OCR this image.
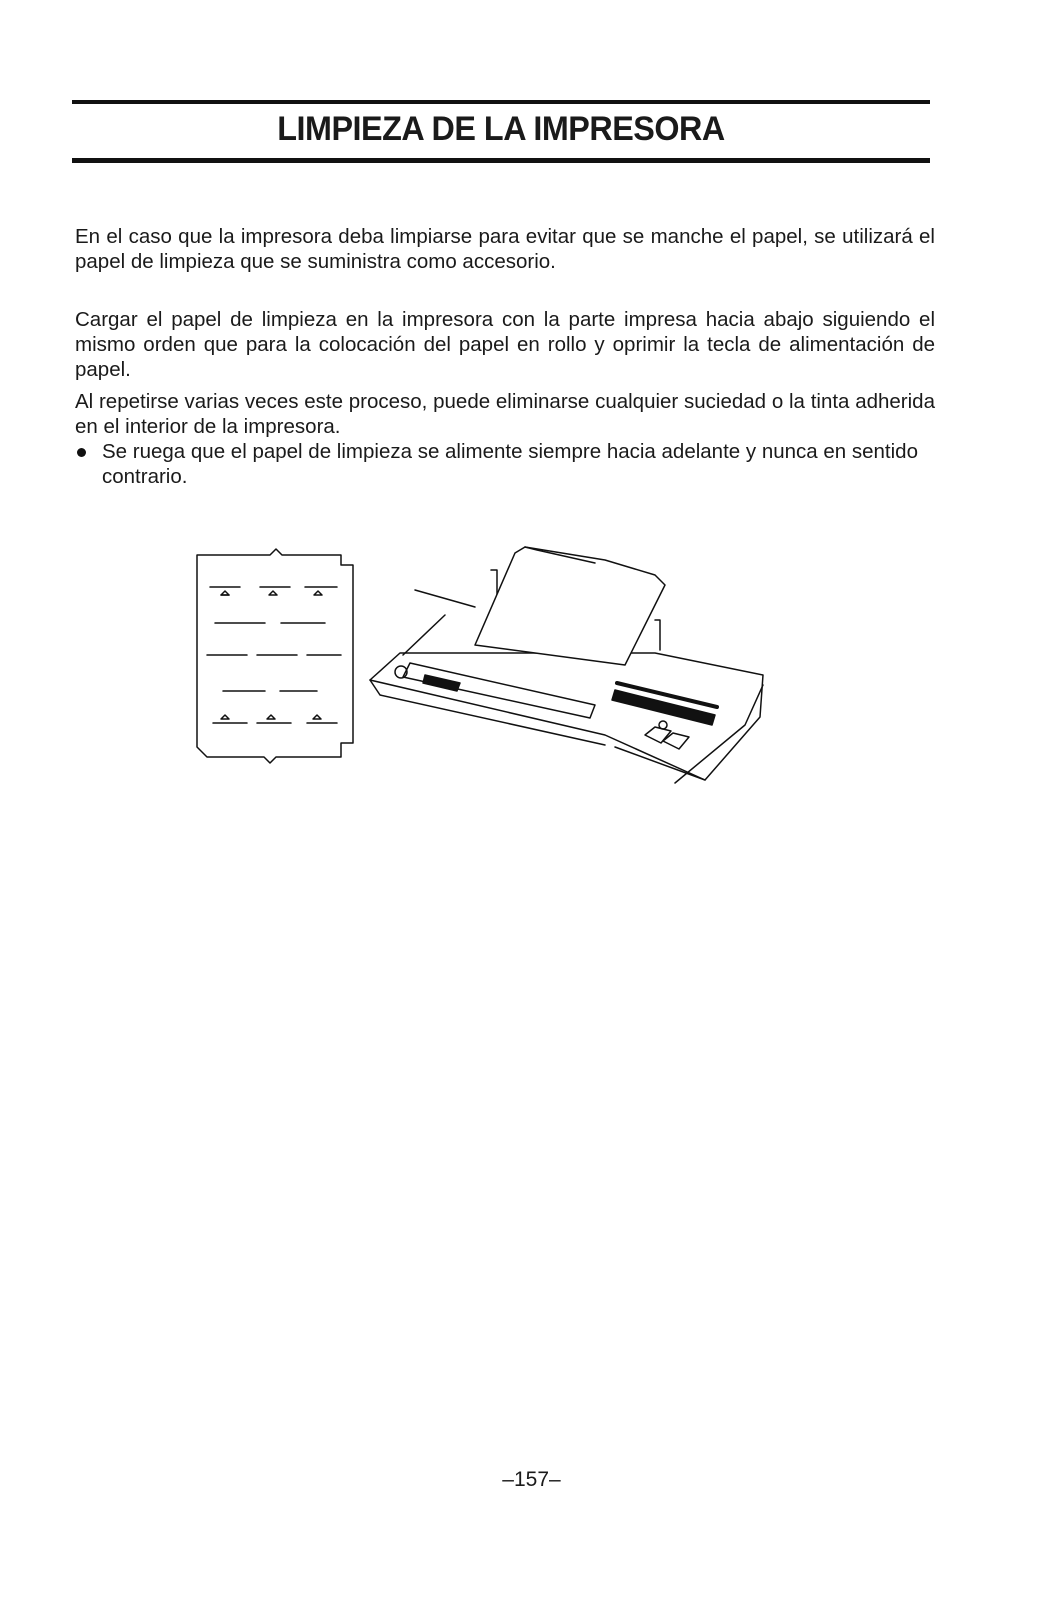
LIMPIEZA DE LA IMPRESORA
En el caso que la impresora deba limpiarse para evitar que se manche el papel, se utilizará el papel de limpieza que se suministra como accesorio.
Cargar el papel de limpieza en la impresora con la parte impresa hacia abajo siguiendo el mismo orden que para la colocación del papel en rollo y oprimir la tecla de alimentación de papel.
Al repetirse varias veces este proceso, puede eliminarse cualquier suciedad o la tinta adherida en el interior de la impresora.
Se ruega que el papel de limpieza se alimente siempre hacia adelante y nunca en sentido contrario.
–157–
